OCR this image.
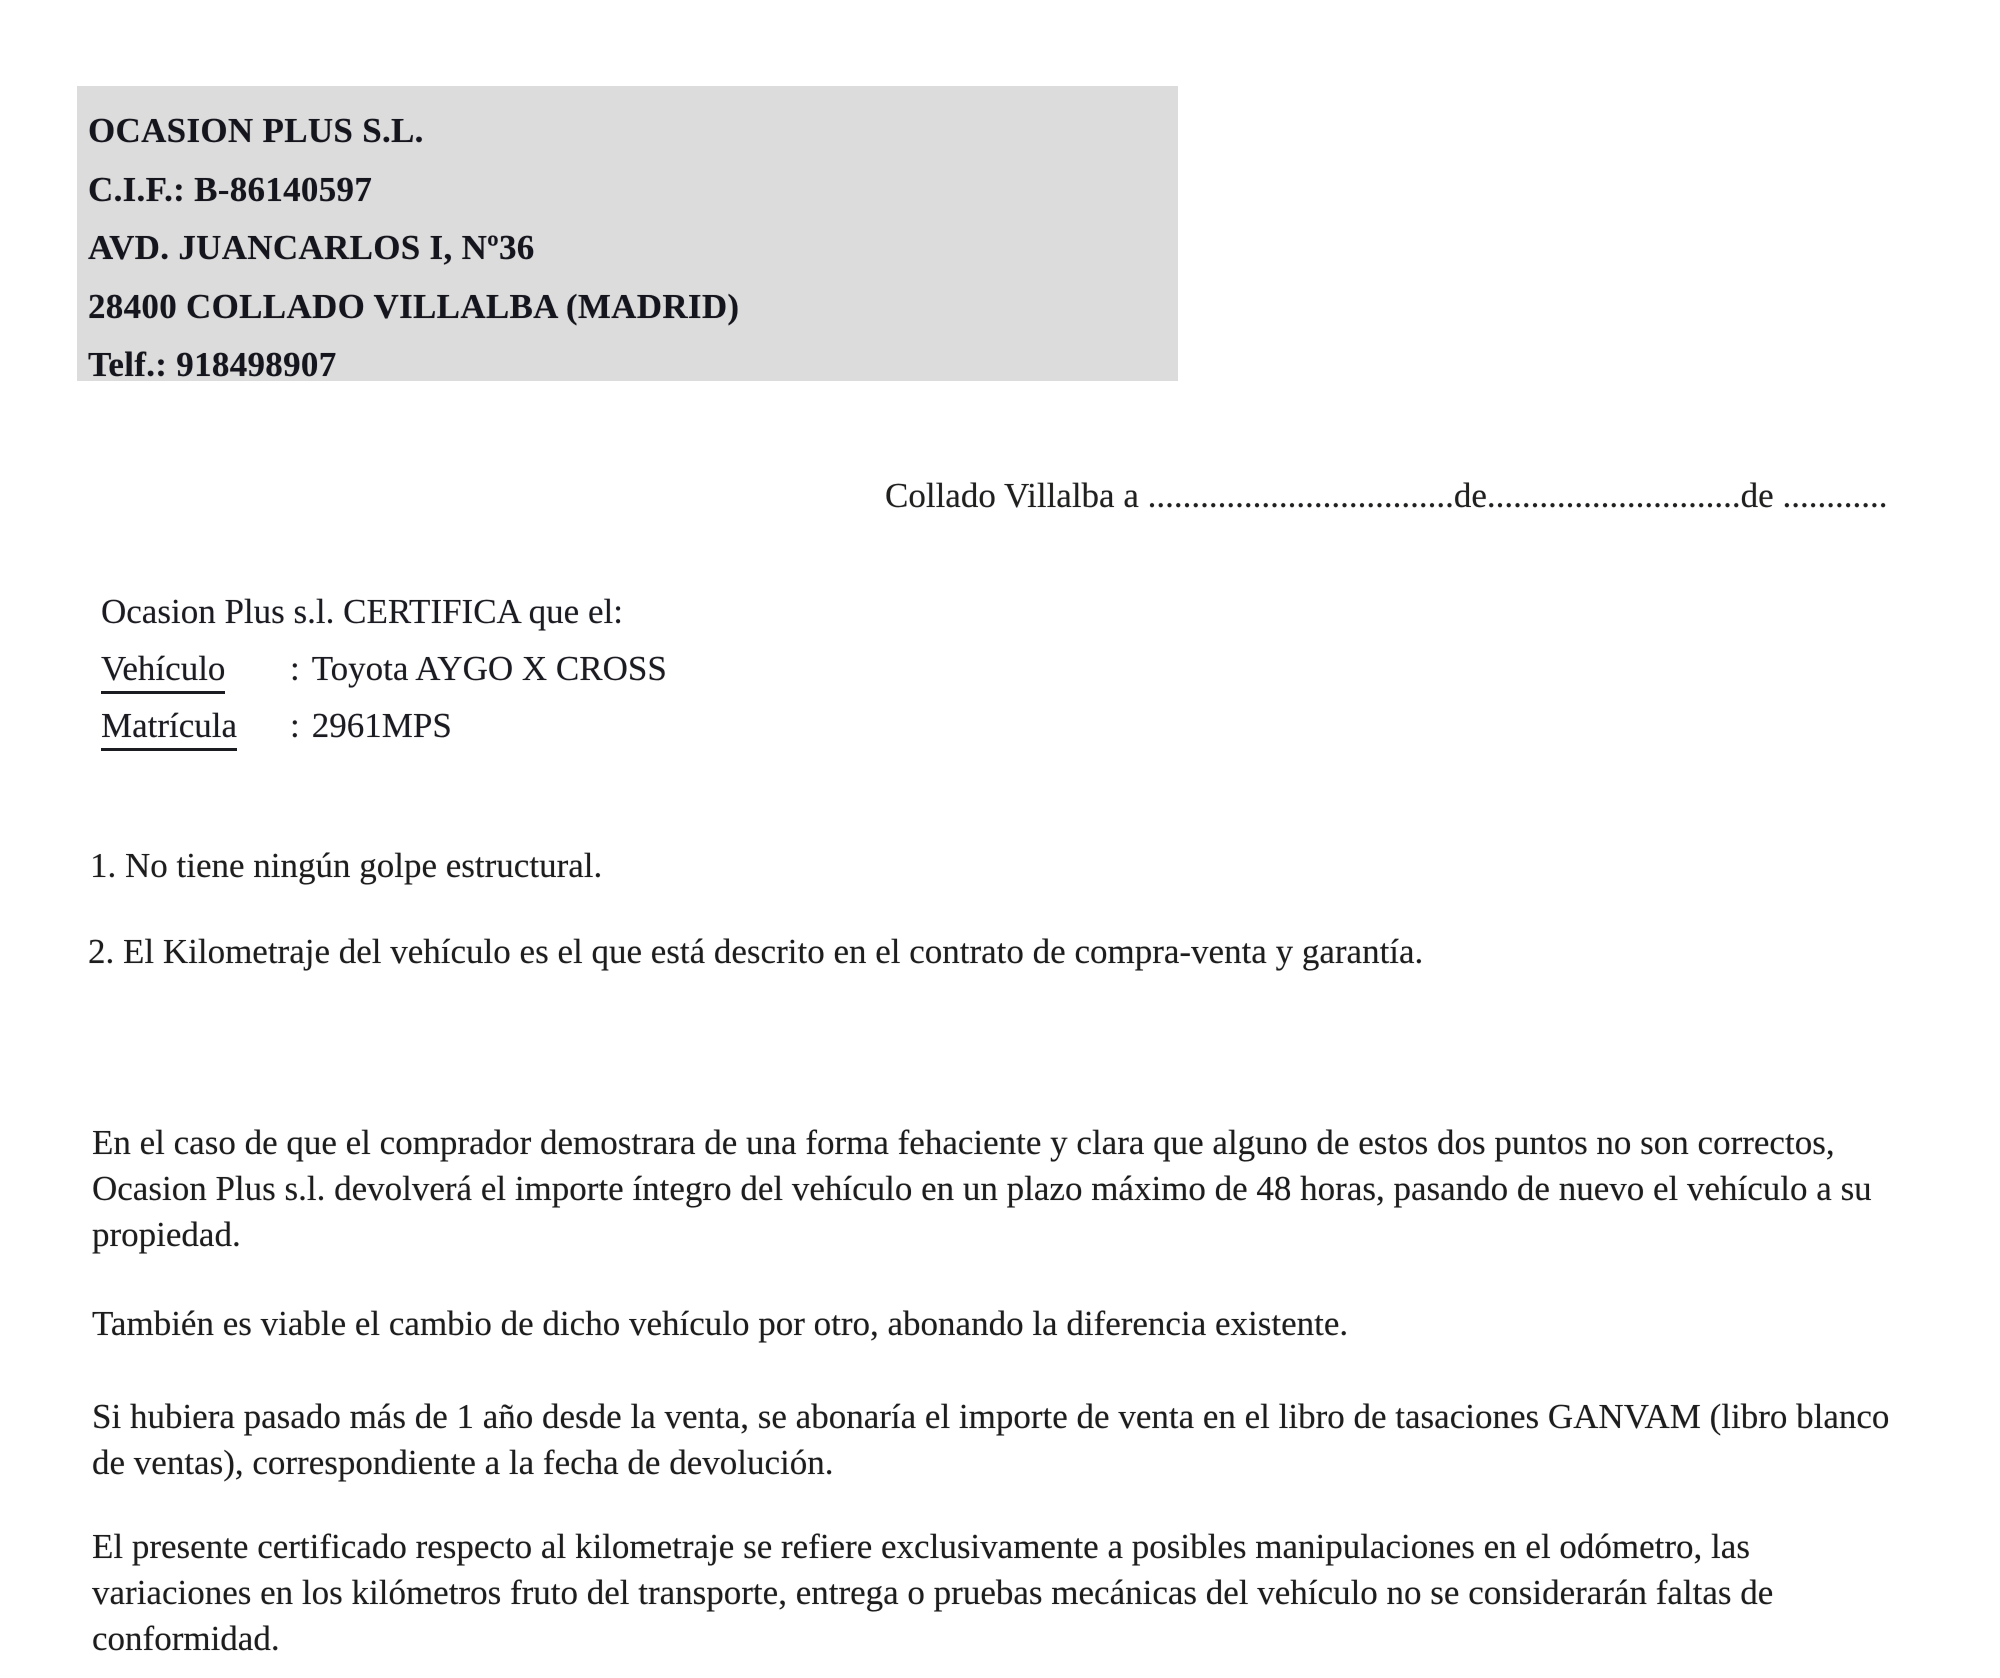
OCASION PLUS S.L.
C.I.F.: B-86140597
AVD. JUANCARLOS I, Nº36
28400 COLLADO VILLALBA (MADRID)
Telf.: 918498907
Collado Villalba a ...................................de.............................de ............
Ocasion Plus s.l. CERTIFICA que el:
Vehículo : Toyota AYGO X CROSS
Matrícula : 2961MPS
1. No tiene ningún golpe estructural.
2. El Kilometraje del vehículo es el que está descrito en el contrato de compra-venta y garantía.

En el caso de que el comprador demostrara de una forma fehaciente y clara que alguno de estos dos puntos no son correctos, Ocasion Plus s.l. devolverá el importe íntegro del vehículo en un plazo máximo de 48 horas, pasando de nuevo el vehículo a su propiedad.

También es viable el cambio de dicho vehículo por otro, abonando la diferencia existente.

Si hubiera pasado más de 1 año desde la venta, se abonaría el importe de venta en el libro de tasaciones GANVAM (libro blanco de ventas), correspondiente a la fecha de devolución.

El presente certificado respecto al kilometraje se refiere exclusivamente a posibles manipulaciones en el odómetro, las variaciones en los kilómetros fruto del transporte, entrega o pruebas mecánicas del vehículo no se considerarán faltas de conformidad.
